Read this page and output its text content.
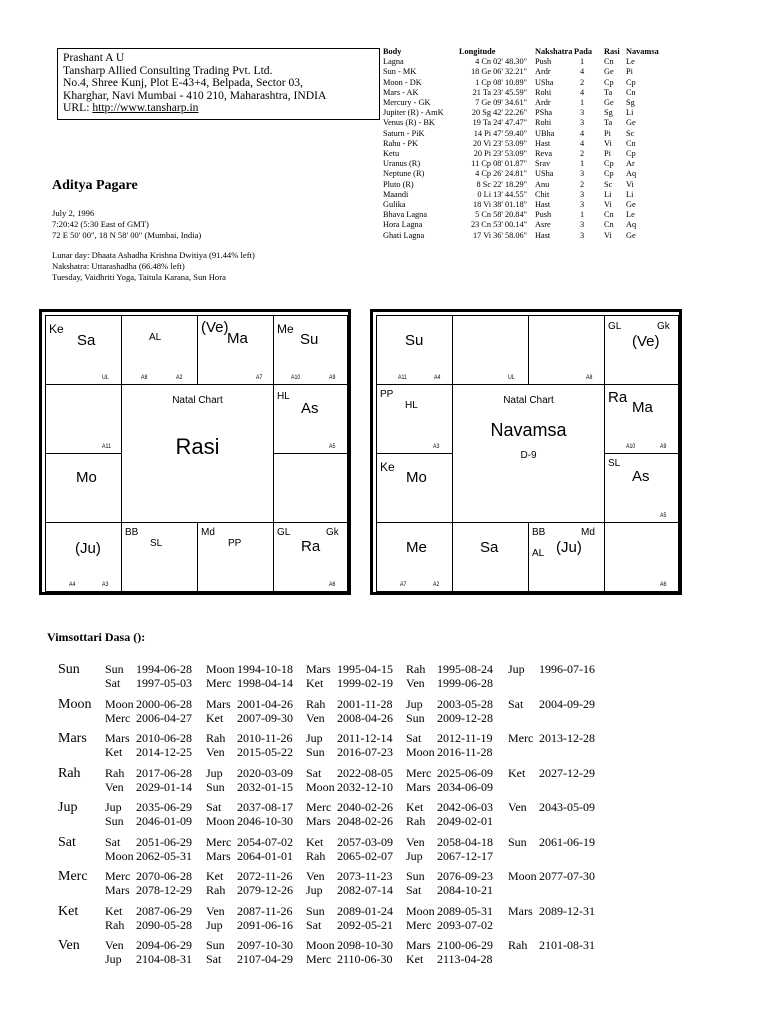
Prashant A U
Tansharp Allied Consulting Trading Pvt. Ltd.
No.4, Shree Kunj, Plot E-43+4, Belpada, Sector 03,
Kharghar, Navi Mumbai - 410 210, Maharashtra, INDIA
URL: http://www.tansharp.in
Body	Longitude	Nakshatra	Pada	Rasi	Navamsa
Lagna	4 Cn 02' 48.30"	Push	1	Cn	Le
Sun - MK	18 Ge 06' 32.21"	Ardr	4	Ge	Pi
Moon - DK	1 Cp 08' 10.89"	USha	2	Cp	Cp
Mars - AK	21 Ta 23' 45.59"	Rohi	4	Ta	Cn
Mercury - GK	7 Ge 09' 34.61"	Ardr	1	Ge	Sg
Jupiter (R) - AmK	20 Sg 42' 22.26"	PSha	3	Sg	Li
Venus (R) - BK	19 Ta 24' 47.47"	Rohi	3	Ta	Ge
Saturn - PiK	14 Pi 47' 59.40"	UBha	4	Pi	Sc
Rahu - PK	20 Vi 23' 53.09"	Hast	4	Vi	Cn
Ketu	20 Pi 23' 53.09"	Reva	2	Pi	Cp
Uranus (R)	11 Cp 08' 01.87"	Srav	1	Cp	Ar
Neptune (R)	4 Cp 26' 24.81"	USha	3	Cp	Aq
Pluto (R)	8 Sc 22' 18.29"	Anu	2	Sc	Vi
Maandi	0 Li 13' 44.55"	Chit	3	Li	Li
Gulika	18 Vi 38' 01.18"	Hast	3	Vi	Ge
Bhava Lagna	5 Cn 58' 20.84"	Push	1	Cn	Le
Hora Lagna	23 Cn 53' 00.14"	Asre	3	Cn	Aq
Ghati Lagna	17 Vi 36' 58.06"	Hast	3	Vi	Ge
Aditya Pagare
July 2, 1996
7:20:42 (5:30 East of GMT)
72 E 50' 00", 18 N 58' 00" (Mumbai, India)
Lunar day: Dhaata Ashadha Krishna Dwitiya (91.44% left)
Nakshatra: Uttarashadha (66.48% left)
Tuesday, Vaidhriti Yoga, Taitula Karana, Sun Hora
Ke
Sa
UL
AL
A8	A2
(Ve)
Ma
A7
Me
Su
A10	A9
A11
Natal Chart
Rasi
HL
As
A5
Mo
(Ju)
A4	A3
BB
SL
Md
PP
GL	Gk
Ra
A6
Su
A11	A4	UL	A8
GL	Gk
(Ve)
PP
HL
A3
Natal Chart
Navamsa
D-9
Ra
Ma
A10	A9
Ke
Mo
SL
As
A5
Me
A7	A2
Sa
BB	Md
AL (Ju)
A6
Vimsottari Dasa ():
Sun Sun 1994-06-28 Moon 1994-10-18 Mars 1995-04-15 Rah 1995-08-24 Jup 1996-07-16
Sat 1997-05-03 Merc 1998-04-14 Ket 1999-02-19 Ven 1999-06-28
Moon Moon 2000-06-28 Mars 2001-04-26 Rah 2001-11-28 Jup 2003-05-28 Sat 2004-09-29
Merc 2006-04-27 Ket 2007-09-30 Ven 2008-04-26 Sun 2009-12-28
Mars Mars 2010-06-28 Rah 2010-11-26 Jup 2011-12-14 Sat 2012-11-19 Merc 2013-12-28
Ket 2014-12-25 Ven 2015-05-22 Sun 2016-07-23 Moon 2016-11-28
Rah Rah 2017-06-28 Jup 2020-03-09 Sat 2022-08-05 Merc 2025-06-09 Ket 2027-12-29
Ven 2029-01-14 Sun 2032-01-15 Moon 2032-12-10 Mars 2034-06-09
Jup Jup 2035-06-29 Sat 2037-08-17 Merc 2040-02-26 Ket 2042-06-03 Ven 2043-05-09
Sun 2046-01-09 Moon 2046-10-30 Mars 2048-02-26 Rah 2049-02-01
Sat Sat 2051-06-29 Merc 2054-07-02 Ket 2057-03-09 Ven 2058-04-18 Sun 2061-06-19
Moon 2062-05-31 Mars 2064-01-01 Rah 2065-02-07 Jup 2067-12-17
Merc Merc 2070-06-28 Ket 2072-11-26 Ven 2073-11-23 Sun 2076-09-23 Moon 2077-07-30
Mars 2078-12-29 Rah 2079-12-26 Jup 2082-07-14 Sat 2084-10-21
Ket Ket 2087-06-29 Ven 2087-11-26 Sun 2089-01-24 Moon 2089-05-31 Mars 2089-12-31
Rah 2090-05-28 Jup 2091-06-16 Sat 2092-05-21 Merc 2093-07-02
Ven Ven 2094-06-29 Sun 2097-10-30 Moon 2098-10-30 Mars 2100-06-29 Rah 2101-08-31
Jup 2104-08-31 Sat 2107-04-29 Merc 2110-06-30 Ket 2113-04-28
